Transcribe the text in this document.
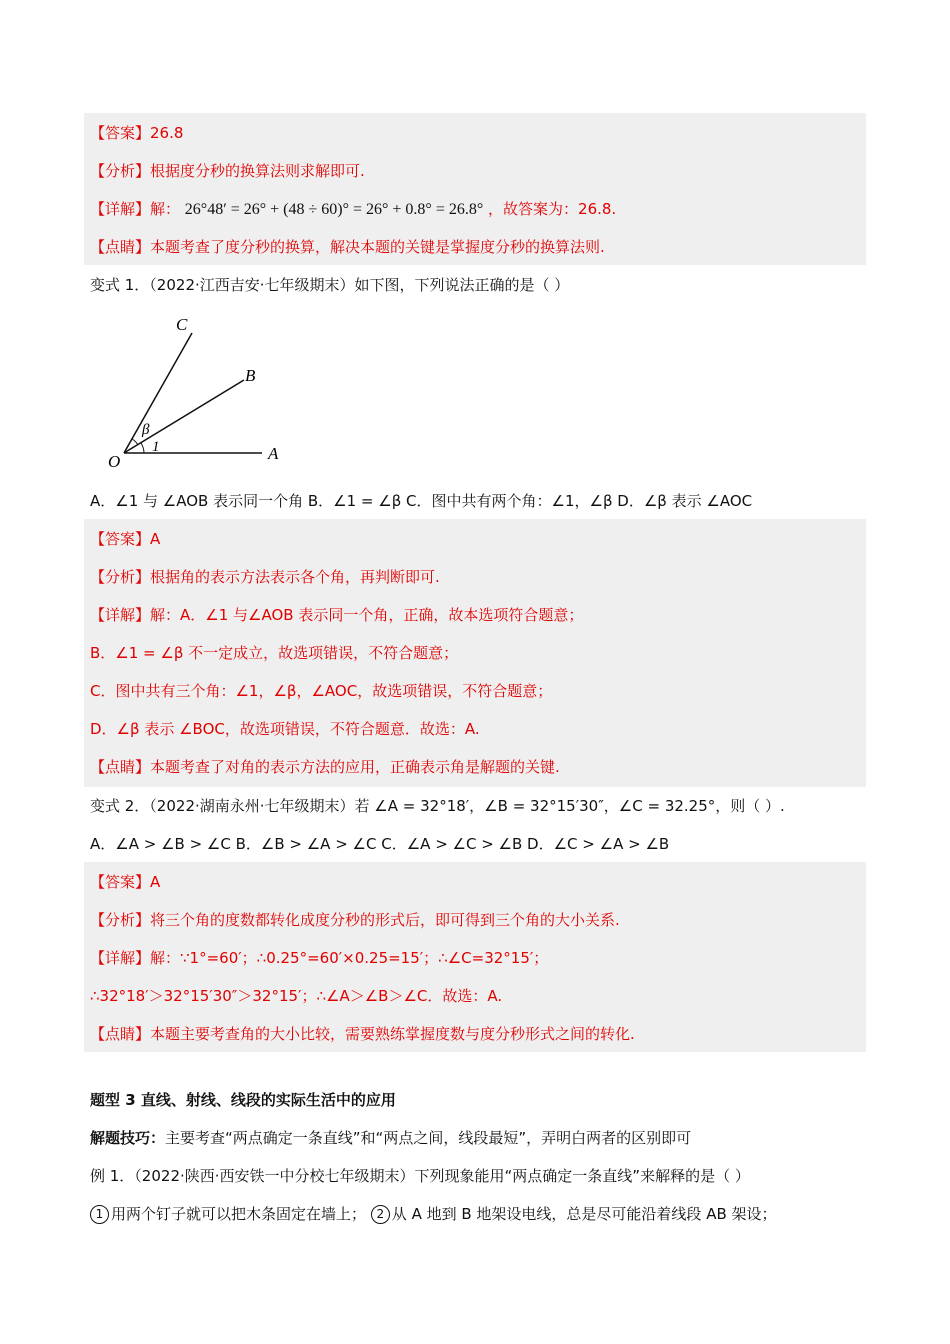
【答案】26.8
【分析】根据度分秒的换算法则求解即可.
【详解】解： 26°48′ = 26° + (48 ÷ 60)° = 26° + 0.8° = 26.8° ，故答案为：26.8.
【点睛】本题考查了度分秒的换算，解决本题的关键是掌握度分秒的换算法则.
变式 1．（2022·江西吉安·七年级期末）如下图，下列说法正确的是（ ）
C
B
A
O
β
1
A．∠1 与 ∠AOB 表示同一个角 B．∠1 = ∠β C．图中共有两个角：∠1，∠β D．∠β 表示 ∠AOC
【答案】A
【分析】根据角的表示方法表示各个角，再判断即可.
【详解】解：A．∠1 与∠AOB 表示同一个角，正确，故本选项符合题意；
B．∠1 = ∠β 不一定成立，故选项错误，不符合题意；
C．图中共有三个角：∠1，∠β，∠AOC，故选项错误，不符合题意；
D．∠β 表示 ∠BOC，故选项错误，不符合题意．故选：A.
【点睛】本题考查了对角的表示方法的应用，正确表示角是解题的关键.
变式 2．（2022·湖南永州·七年级期末）若 ∠A = 32°18′，∠B = 32°15′30″，∠C = 32.25°，则（ ）.
A．∠A > ∠B > ∠C B．∠B > ∠A > ∠C C．∠A > ∠C > ∠B D．∠C > ∠A > ∠B
【答案】A
【分析】将三个角的度数都转化成度分秒的形式后，即可得到三个角的大小关系.
【详解】解：∵1°=60′；∴0.25°=60′×0.25=15′；∴∠C=32°15′；
∴32°18′＞32°15′30″＞32°15′；∴∠A＞∠B＞∠C．故选：A.
【点睛】本题主要考查角的大小比较，需要熟练掌握度数与度分秒形式之间的转化.
题型 3 直线、射线、线段的实际生活中的应用
解题技巧：主要考查“两点确定一条直线”和“两点之间，线段最短”，弄明白两者的区别即可
例 1．（2022·陕西·西安铁一中分校七年级期末）下列现象能用“两点确定一条直线”来解释的是（ ）
1 用两个钉子就可以把木条固定在墙上； 2 从 A 地到 B 地架设电线，总是尽可能沿着线段 AB 架设；
